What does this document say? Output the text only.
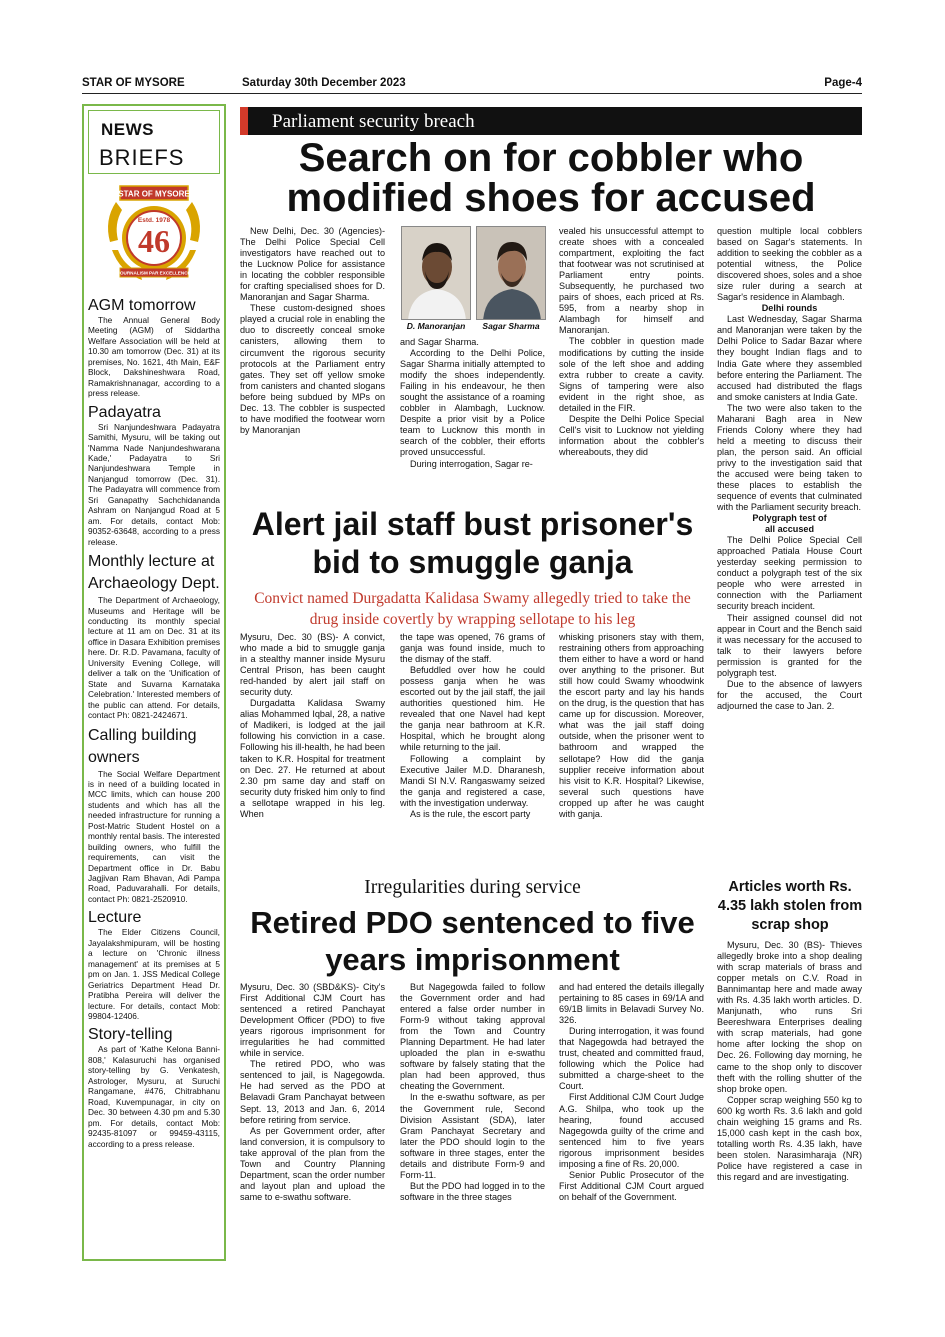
STAR OF MYSORE	Saturday 30th December 2023	Page-4
NEWS
BRIEFS
STAR OF MYSORE
Estd. 1978
46
JOURNALISM PAR EXCELLENCE
AGM tomorrow
The Annual General Body Meeting (AGM) of Siddartha Welfare Association will be held at 10.30 am tomorrow (Dec. 31) at its premises, No. 1621, 4th Main, E&F Block, Dakshineshwara Road, Ramakrishnanagar, according to a press release.
Padayatra
Sri Nanjundeshwara Padayatra Samithi, Mysuru, will be taking out 'Namma Nade Nanjundeshwarana Kade,' Padayatra to Sri Nanjundeshwara Temple in Nanjangud tomorrow (Dec. 31). The Padayatra will commence from Sri Ganapathy Sachchidananda Ashram on Nanjangud Road at 5 am. For details, contact Mob: 90352-63648, according to a press release.
Monthly lecture at Archaeology Dept.
The Department of Archaeology, Museums and Heritage will be conducting its monthly special lecture at 11 am on Dec. 31 at its office in Dasara Exhibition premises here. Dr. R.D. Pavamana, faculty of University Evening College, will deliver a talk on the 'Unification of State and Suvarna Karnataka Celebration.' Interested members of the public can attend. For details, contact Ph: 0821-2424671.
Calling building owners
The Social Welfare Department is in need of a building located in MCC limits, which can house 200 students and which has all the needed infrastructure for running a Post-Matric Student Hostel on a monthly rental basis. The interested building owners, who fulfill the requirements, can visit the Department office in Dr. Babu Jagjivan Ram Bhavan, Adi Pampa Road, Paduvarahalli. For details, contact Ph: 0821-2520910.
Lecture
The Elder Citizens Council, Jayalakshmipuram, will be hosting a lecture on 'Chronic illness management' at its premises at 5 pm on Jan. 1. JSS Medical College Geriatrics Department Head Dr. Pratibha Pereira will deliver the lecture. For details, contact Mob: 99804-12406.
Story-telling
As part of 'Kathe Kelona Banni-808,' Kalasuruchi has organised story-telling by G. Venkatesh, Astrologer, Mysuru, at Suruchi Rangamane, #476, Chitrabhanu Road, Kuvempunagar, in city on Dec. 30 between 4.30 pm and 5.30 pm. For details, contact Mob: 92435-81097 or 99459-43115, according to a press release.
Parliament security breach
Search on for cobbler who modified shoes for accused

New Delhi, Dec. 30 (Agencies)- The Delhi Police Special Cell investigators have reached out to the Lucknow Police for assistance in locating the cobbler responsible for crafting specialised shoes for D. Manoranjan and Sagar Sharma.

These custom-designed shoes played a crucial role in enabling the duo to discreetly conceal smoke canisters, allowing them to circumvent the rigorous security protocols at the Parliament entry gates. They set off yellow smoke from canisters and chanted slogans before being subdued by MPs on Dec. 13. The cobbler is suspected to have modified the footwear worn by Manoranjan

D. Manoranjan	Sagar Sharma

and Sagar Sharma.

According to the Delhi Police, Sagar Sharma initially attempted to modify the shoes independently. Failing in his endeavour, he then sought the assistance of a roaming cobbler in Alambagh, Lucknow. Despite a prior visit by a Police team to Lucknow this month in search of the cobbler, their efforts proved unsuccessful.

During interrogation, Sagar re-

vealed his unsuccessful attempt to create shoes with a concealed compartment, exploiting the fact that footwear was not scrutinised at Parliament entry points. Subsequently, he purchased two pairs of shoes, each priced at Rs. 595, from a nearby shop in Alambagh for himself and Manoranjan.

The cobbler in question made modifications by cutting the inside sole of the left shoe and adding extra rubber to create a cavity. Signs of tampering were also evident in the right shoe, as detailed in the FIR.

Despite the Delhi Police Special Cell's visit to Lucknow not yielding information about the cobbler's whereabouts, they did

question multiple local cobblers based on Sagar's statements. In addition to seeking the cobbler as a potential witness, the Police discovered shoes, soles and a shoe size ruler during a search at Sagar's residence in Alambagh.

Delhi rounds

Last Wednesday, Sagar Sharma and Manoranjan were taken by the Delhi Police to Sadar Bazar where they bought Indian flags and to India Gate where they assembled before entering the Parliament. The accused had distributed the flags and smoke canisters at India Gate.

The two were also taken to the Maharani Bagh area in New Friends Colony where they had held a meeting to discuss their plan, the person said. An official privy to the investigation said that the accused were being taken to these places to establish the sequence of events that culminated with the Parliament security breach.

Polygraph test of
all accused

The Delhi Police Special Cell approached Patiala House Court yesterday seeking permission to conduct a polygraph test of the six people who were arrested in connection with the Parliament security breach incident.

Their assigned counsel did not appear in Court and the Bench said it was necessary for the accused to talk to their lawyers before permission is granted for the polygraph test.

Due to the absence of lawyers for the accused, the Court adjourned the case to Jan. 2.

Alert jail staff bust prisoner's bid to smuggle ganja
Convict named Durgadatta Kalidasa Swamy allegedly tried to take the drug inside covertly by wrapping sellotape to his leg

Mysuru, Dec. 30 (BS)- A convict, who made a bid to smuggle ganja in a stealthy manner inside Mysuru Central Prison, has been caught red-handed by alert jail staff on security duty.

Durgadatta Kalidasa Swamy alias Mohammed Iqbal, 28, a native of Madikeri, is lodged at the jail following his conviction in a case. Following his ill-health, he had been taken to K.R. Hospital for treatment on Dec. 27. He returned at about 2.30 pm same day and staff on security duty frisked him only to find a sellotape wrapped in his leg. When

the tape was opened, 76 grams of ganja was found inside, much to the dismay of the staff.

Befuddled over how he could possess ganja when he was escorted out by the jail staff, the jail authorities questioned him. He revealed that one Navel had kept the ganja near bathroom at K.R. Hospital, which he brought along while returning to the jail.

Following a complaint by Executive Jailer M.D. Dharanesh, Mandi SI N.V. Rangaswamy seized the ganja and registered a case, with the investigation underway.

As is the rule, the escort party

whisking prisoners stay with them, restraining others from approaching them either to have a word or hand over anything to the prisoner. But still how could Swamy whoodwink the escort party and lay his hands on the drug, is the question that has came up for discussion. Moreover, what was the jail staff doing outside, when the prisoner went to bathroom and wrapped the sellotape? How did the ganja supplier receive information about his visit to K.R. Hospital? Likewise, several such questions have cropped up after he was caught with ganja.

Irregularities during service
Retired PDO sentenced to five years imprisonment

Mysuru, Dec. 30 (SBD&KS)- City's First Additional CJM Court has sentenced a retired Panchayat Development Officer (PDO) to five years rigorous imprisonment for irregularities he had committed while in service.

The retired PDO, who was sentenced to jail, is Nagegowda. He had served as the PDO at Belavadi Gram Panchayat between Sept. 13, 2013 and Jan. 6, 2014 before retiring from service.

As per Government order, after land conversion, it is compulsory to take approval of the plan from the Town and Country Planning Department, scan the order number and layout plan and upload the same to e-swathu software.

But Nagegowda failed to follow the Government order and had entered a false order number in Form-9 without taking approval from the Town and Country Planning Department. He had later uploaded the plan in e-swathu software by falsely stating that the plan had been approved, thus cheating the Government.

In the e-swathu software, as per the Government rule, Second Division Assistant (SDA), later Gram Panchayat Secretary and later the PDO should login to the software in three stages, enter the details and distribute Form-9 and Form-11.

But the PDO had logged in to the software in the three stages

and had entered the details illegally pertaining to 85 cases in 69/1A and 69/1B limits in Belavadi Survey No. 326.

During interrogation, it was found that Nagegowda had betrayed the trust, cheated and committed fraud, following which the Police had submitted a charge-sheet to the Court.

First Additional CJM Court Judge A.G. Shilpa, who took up the hearing, found accused Nagegowda guilty of the crime and sentenced him to five years rigorous imprisonment besides imposing a fine of Rs. 20,000.

Senior Public Prosecutor of the First Additional CJM Court argued on behalf of the Government.

Articles worth Rs. 4.35 lakh stolen from scrap shop

Mysuru, Dec. 30 (BS)- Thieves allegedly broke into a shop dealing with scrap materials of brass and copper metals on C.V. Road in Bannimantap here and made away with Rs. 4.35 lakh worth articles. D. Manjunath, who runs Sri Beereshwara Enterprises dealing with scrap materials, had gone home after locking the shop on Dec. 26. Following day morning, he came to the shop only to discover theft with the rolling shutter of the shop broke open.

Copper scrap weighing 550 kg to 600 kg worth Rs. 3.6 lakh and gold chain weighing 15 grams and Rs. 15,000 cash kept in the cash box, totalling worth Rs. 4.35 lakh, have been stolen. Narasimharaja (NR) Police have registered a case in this regard and are investigating.
